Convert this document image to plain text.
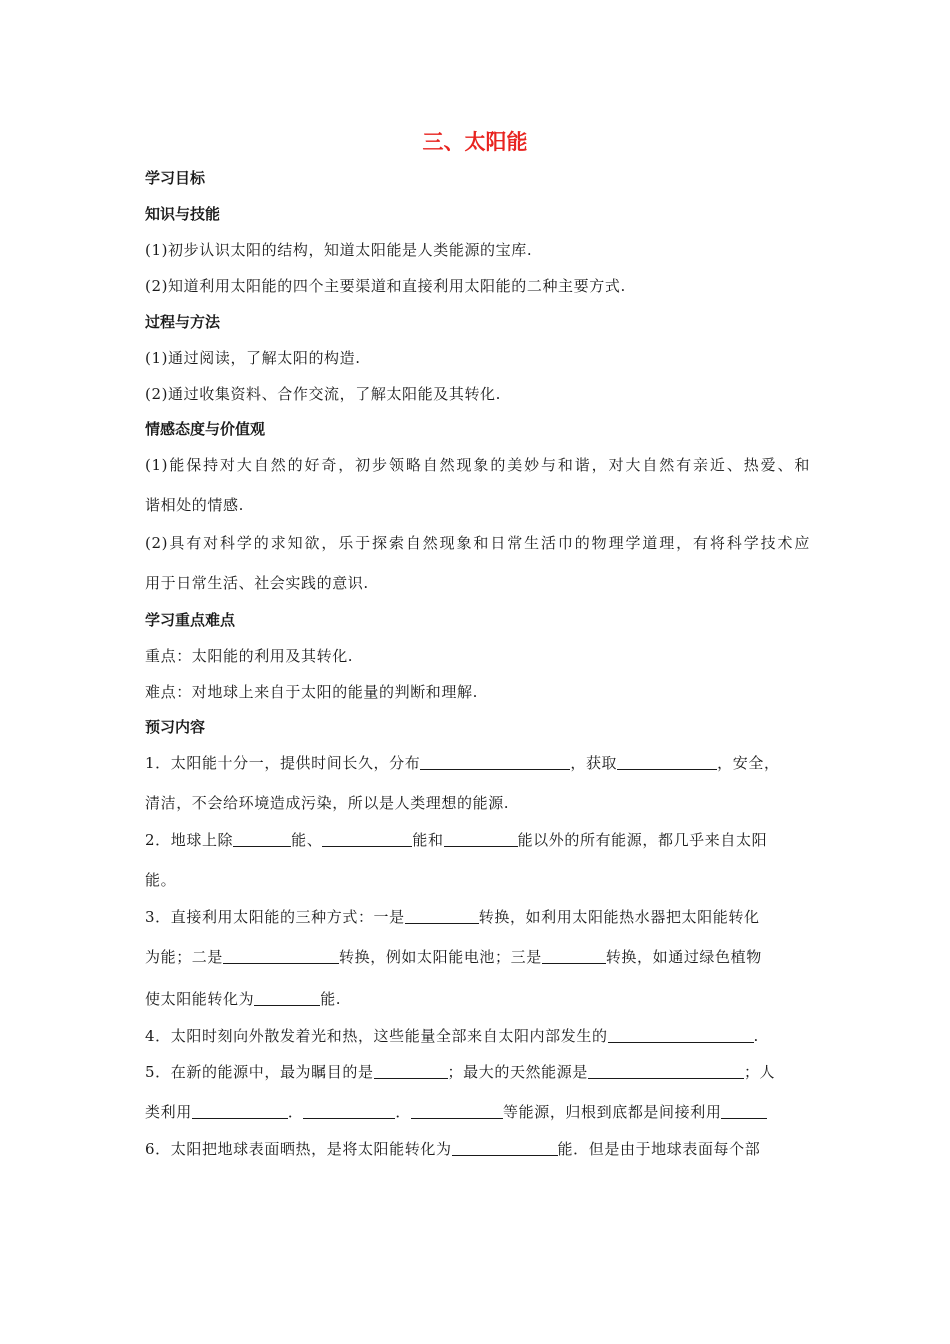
三、太阳能
学习目标
知识与技能
(1)初步认识太阳的结构，知道太阳能是人类能源的宝库.
(2)知道利用太阳能的四个主要渠道和直接利用太阳能的二种主要方式.
过程与方法
(1)通过阅读，了解太阳的构造.
(2)通过收集资料、合作交流，了解太阳能及其转化.
情感态度与价值观
(1)能保持对大自然的好奇，初步领略自然现象的美妙与和谐，对大自然有亲近、热爱、和
谐相处的情感.
(2)具有对科学的求知欲，乐于探索自然现象和日常生活巾的物理学道理，有将科学技术应
用于日常生活、社会实践的意识.
学习重点难点
重点：太阳能的利用及其转化.
难点：对地球上来自于太阳的能量的判断和理解.
预习内容
1．太阳能十分一，提供时间长久，分布	，获取	，安全，
清洁，不会给环境造成污染，所以是人类理想的能源.
2．地球上除	能、	能和	能以外的所有能源，都几乎来自太阳
能。
3．直接利用太阳能的三种方式：一是	转换，如利用太阳能热水器把太阳能转化
为能；二是	转换，例如太阳能电池；三是	转换，如通过绿色植物
使太阳能转化为	能.
4．太阳时刻向外散发着光和热，这些能量全部来自太阳内部发生的	.
5．在新的能源中，最为瞩目的是	；最大的天然能源是	；人
类利用	．	．	等能源，归根到底都是间接利用
6．太阳把地球表面晒热，是将太阳能转化为	能．但是由于地球表面每个部
